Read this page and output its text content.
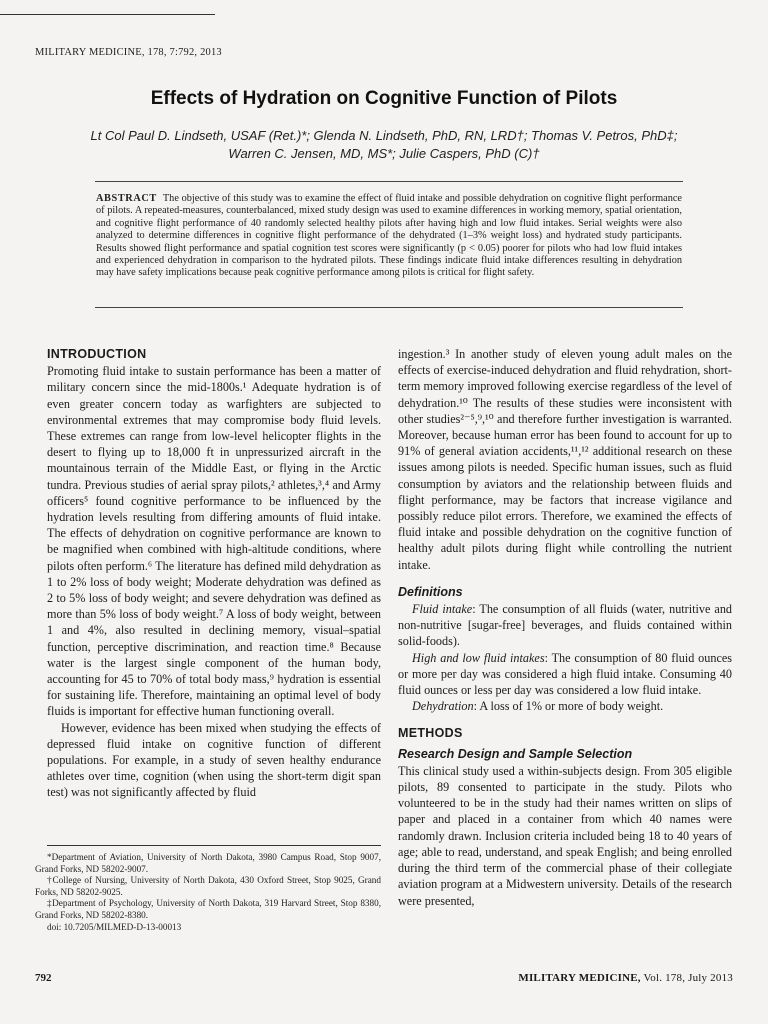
MILITARY MEDICINE, 178, 7:792, 2013
Effects of Hydration on Cognitive Function of Pilots
Lt Col Paul D. Lindseth, USAF (Ret.)*; Glenda N. Lindseth, PhD, RN, LRD†; Thomas V. Petros, PhD‡;
Warren C. Jensen, MD, MS*; Julie Caspers, PhD (C)†
ABSTRACT The objective of this study was to examine the effect of fluid intake and possible dehydration on cognitive flight performance of pilots. A repeated-measures, counterbalanced, mixed study design was used to examine differences in working memory, spatial orientation, and cognitive flight performance of 40 randomly selected healthy pilots after having high and low fluid intakes. Serial weights were also analyzed to determine differences in cognitive flight performance of the dehydrated (1–3% weight loss) and hydrated study participants. Results showed flight performance and spatial cognition test scores were significantly (p < 0.05) poorer for pilots who had low fluid intakes and experienced dehydration in comparison to the hydrated pilots. These findings indicate fluid intake differences resulting in dehydration may have safety implications because peak cognitive performance among pilots is critical for flight safety.
INTRODUCTION

Promoting fluid intake to sustain performance has been a matter of military concern since the mid-1800s.¹ Adequate hydration is of even greater concern today as warfighters are subjected to environmental extremes that may compromise body fluid levels. These extremes can range from low-level helicopter flights in the desert to flying up to 18,000 ft in unpressurized aircraft in the mountainous terrain of the Middle East, or flying in the Arctic tundra. Previous studies of aerial spray pilots,² athletes,³,⁴ and Army officers⁵ found cognitive performance to be influenced by the hydration levels resulting from differing amounts of fluid intake. The effects of dehydration on cognitive performance are known to be magnified when combined with high-altitude conditions, where pilots often perform.⁶ The literature has defined mild dehydration as 1 to 2% loss of body weight; Moderate dehydration was defined as 2 to 5% loss of body weight; and severe dehydration was defined as more than 5% loss of body weight.⁷ A loss of body weight, between 1 and 4%, also resulted in declining memory, visual–spatial function, perceptive discrimination, and reaction time.⁸ Because water is the largest single component of the human body, accounting for 45 to 70% of total body mass,⁹ hydration is essential for sustaining life. Therefore, maintaining an optimal level of body fluids is important for effective human functioning overall.

However, evidence has been mixed when studying the effects of depressed fluid intake on cognitive function of different populations. For example, in a study of seven healthy endurance athletes over time, cognition (when using the short-term digit span test) was not significantly affected by fluid

*Department of Aviation, University of North Dakota, 3980 Campus Road, Stop 9007, Grand Forks, ND 58202-9007.

†College of Nursing, University of North Dakota, 430 Oxford Street, Stop 9025, Grand Forks, ND 58202-9025.

‡Department of Psychology, University of North Dakota, 319 Harvard Street, Stop 8380, Grand Forks, ND 58202-8380.

doi: 10.7205/MILMED-D-13-00013

ingestion.³ In another study of eleven young adult males on the effects of exercise-induced dehydration and fluid rehydration, short-term memory improved following exercise regardless of the level of dehydration.¹⁰ The results of these studies were inconsistent with other studies²⁻⁵,⁹,¹⁰ and therefore further investigation is warranted. Moreover, because human error has been found to account for up to 91% of general aviation accidents,¹¹,¹² additional research on these issues among pilots is needed. Specific human issues, such as fluid consumption by aviators and the relationship between fluids and flight performance, may be factors that increase vigilance and possibly reduce pilot errors. Therefore, we examined the effects of fluid intake and possible dehydration on the cognitive function of healthy adult pilots during flight while controlling the nutrient intake.

Definitions

Fluid intake: The consumption of all fluids (water, nutritive and non-nutritive [sugar-free] beverages, and fluids contained within solid-foods).

High and low fluid intakes: The consumption of 80 fluid ounces or more per day was considered a high fluid intake. Consuming 40 fluid ounces or less per day was considered a low fluid intake.

Dehydration: A loss of 1% or more of body weight.

METHODS
Research Design and Sample Selection

This clinical study used a within-subjects design. From 305 eligible pilots, 89 consented to participate in the study. Pilots who volunteered to be in the study had their names written on slips of paper and placed in a container from which 40 names were randomly drawn. Inclusion criteria included being 18 to 40 years of age; able to read, understand, and speak English; and being enrolled during the third term of the commercial phase of their collegiate aviation program at a Midwestern university. Details of the research were presented,

792	MILITARY MEDICINE, Vol. 178, July 2013
